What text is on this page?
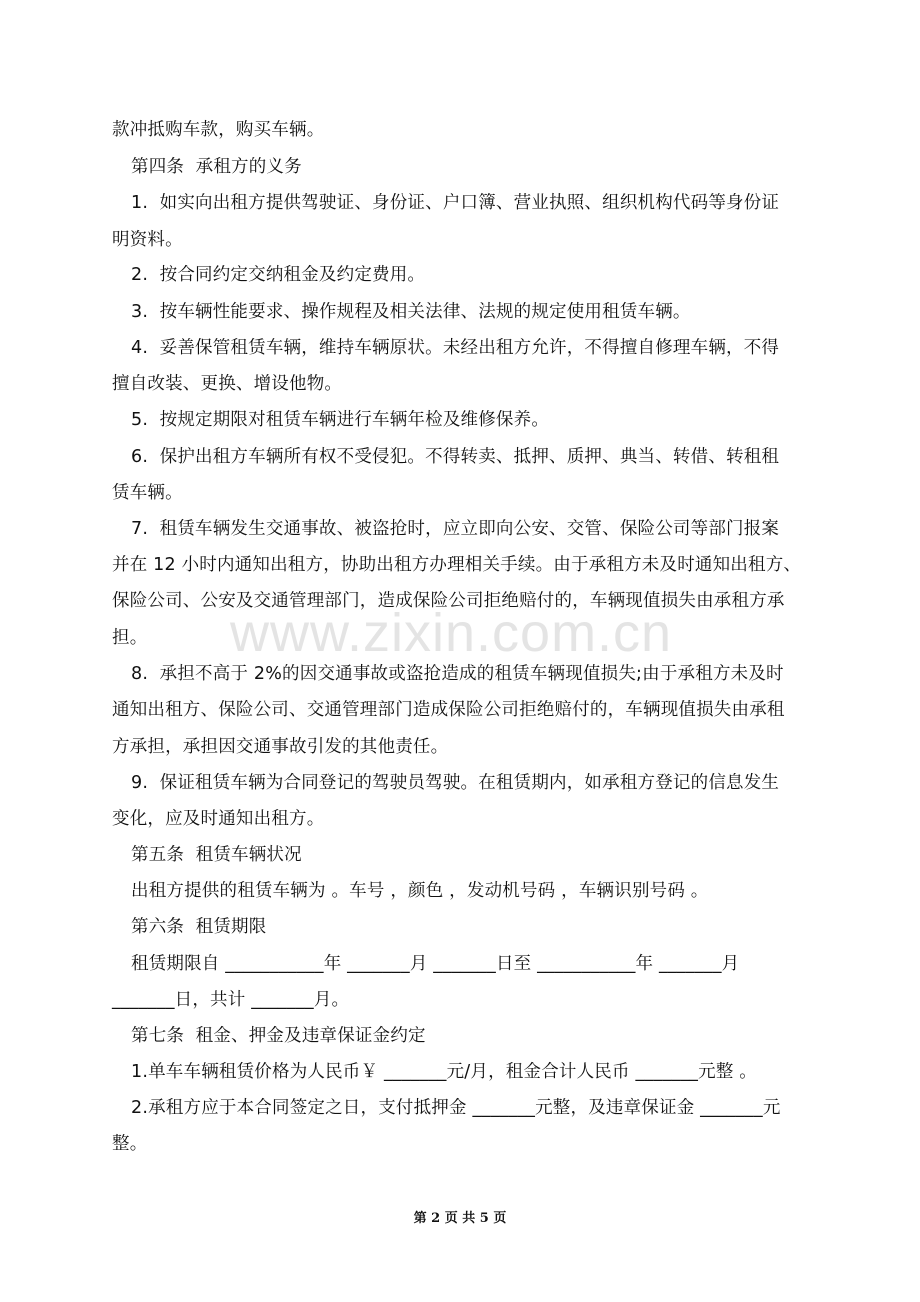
款冲抵购车款，购买车辆。
第四条  承租方的义务
1.  如实向出租方提供驾驶证、身份证、户口簿、营业执照、组织机构代码等身份证
明资料。
2.  按合同约定交纳租金及约定费用。
3.  按车辆性能要求、操作规程及相关法律、法规的规定使用租赁车辆。
4.  妥善保管租赁车辆，维持车辆原状。未经出租方允许，不得擅自修理车辆，不得
擅自改装、更换、增设他物。
5.  按规定期限对租赁车辆进行车辆年检及维修保养。
6.  保护出租方车辆所有权不受侵犯。不得转卖、抵押、质押、典当、转借、转租租
赁车辆。
7.  租赁车辆发生交通事故、被盗抢时，应立即向公安、交管、保险公司等部门报案
并在 12 小时内通知出租方，协助出租方办理相关手续。由于承租方未及时通知出租方、
保险公司、公安及交通管理部门，造成保险公司拒绝赔付的，车辆现值损失由承租方承
担。
8.  承担不高于 2%的因交通事故或盗抢造成的租赁车辆现值损失;由于承租方未及时
通知出租方、保险公司、交通管理部门造成保险公司拒绝赔付的，车辆现值损失由承租
方承担，承担因交通事故引发的其他责任。
9.  保证租赁车辆为合同登记的驾驶员驾驶。在租赁期内，如承租方登记的信息发生
变化，应及时通知出租方。
第五条  租赁车辆状况
出租方提供的租赁车辆为 。车号 ，颜色 ，发动机号码 ，车辆识别号码 。
第六条  租赁期限
租赁期限自 ___________年 _______月 _______日至 ___________年 _______月
_______日，共计 _______月。
第七条  租金、押金及违章保证金约定
1.单车车辆租赁价格为人民币￥ _______元/月，租金合计人民币 _______元整 。
2.承租方应于本合同签定之日，支付抵押金 _______元整，及违章保证金 _______元
整。
www.zixin.com.cn
第 2 页 共 5 页
